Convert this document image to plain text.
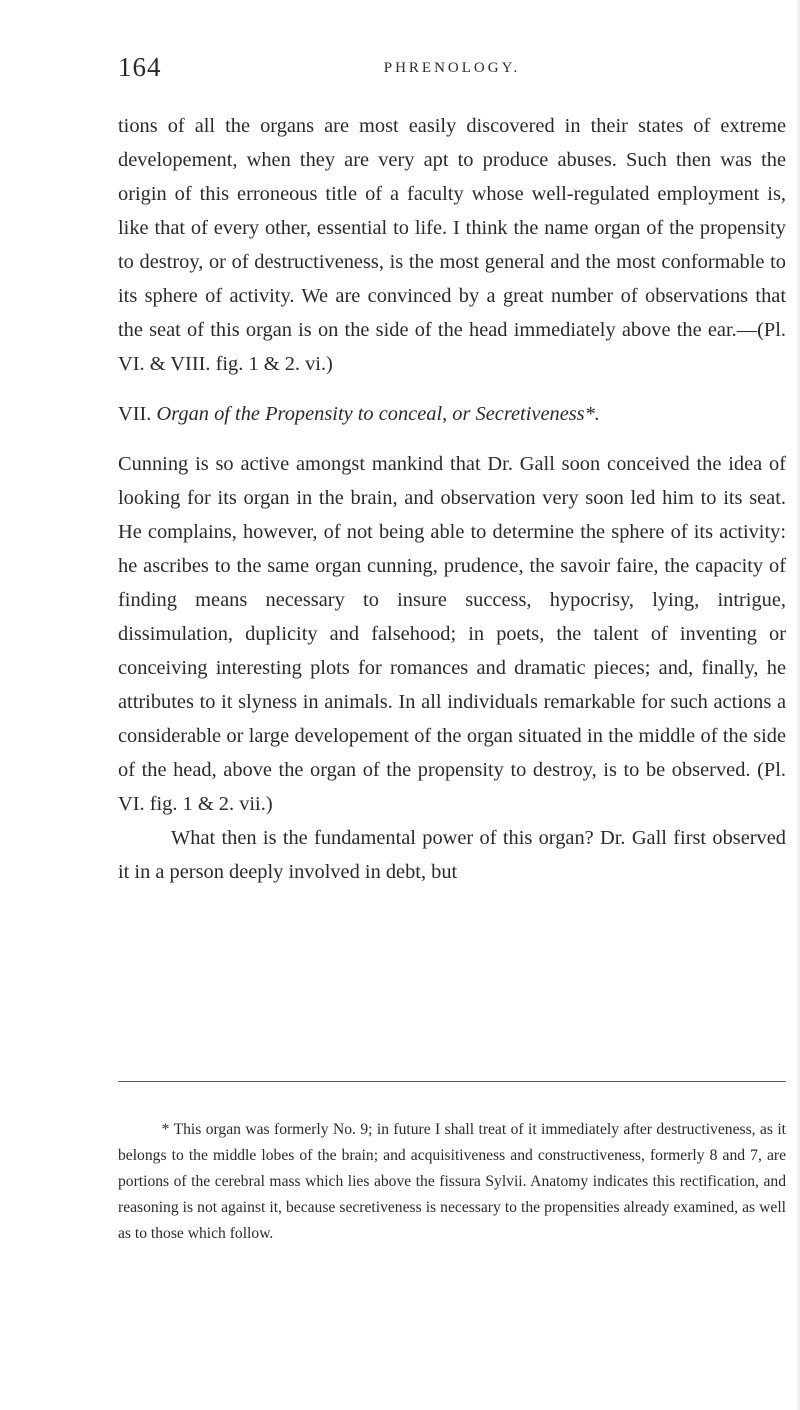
164	PHRENOLOGY.

tions of all the organs are most easily discovered in their states of extreme developement, when they are very apt to produce abuses. Such then was the origin of this erroneous title of a faculty whose well-regulated employment is, like that of every other, essential to life. I think the name organ of the propensity to destroy, or of destructiveness, is the most general and the most conformable to its sphere of activity. We are convinced by a great number of observations that the seat of this organ is on the side of the head immediately above the ear.—(Pl. VI. & VIII. fig. 1 & 2. vi.)

VII. Organ of the Propensity to conceal, or Secretiveness*.

Cunning is so active amongst mankind that Dr. Gall soon conceived the idea of looking for its organ in the brain, and observation very soon led him to its seat. He complains, however, of not being able to determine the sphere of its activity: he ascribes to the same organ cunning, prudence, the savoir faire, the capacity of finding means necessary to insure success, hypocrisy, lying, intrigue, dissimulation, duplicity and falsehood; in poets, the talent of inventing or conceiving interesting plots for romances and dramatic pieces; and, finally, he attributes to it slyness in animals. In all individuals remarkable for such actions a considerable or large developement of the organ situated in the middle of the side of the head, above the organ of the propensity to destroy, is to be observed. (Pl. VI. fig. 1 & 2. vii.)

What then is the fundamental power of this organ? Dr. Gall first observed it in a person deeply involved in debt, but

* This organ was formerly No. 9; in future I shall treat of it immediately after destructiveness, as it belongs to the middle lobes of the brain; and acquisitiveness and constructiveness, formerly 8 and 7, are portions of the cerebral mass which lies above the fissura Sylvii. Anatomy indicates this rectification, and reasoning is not against it, because secretiveness is necessary to the propensities already examined, as well as to those which follow.
